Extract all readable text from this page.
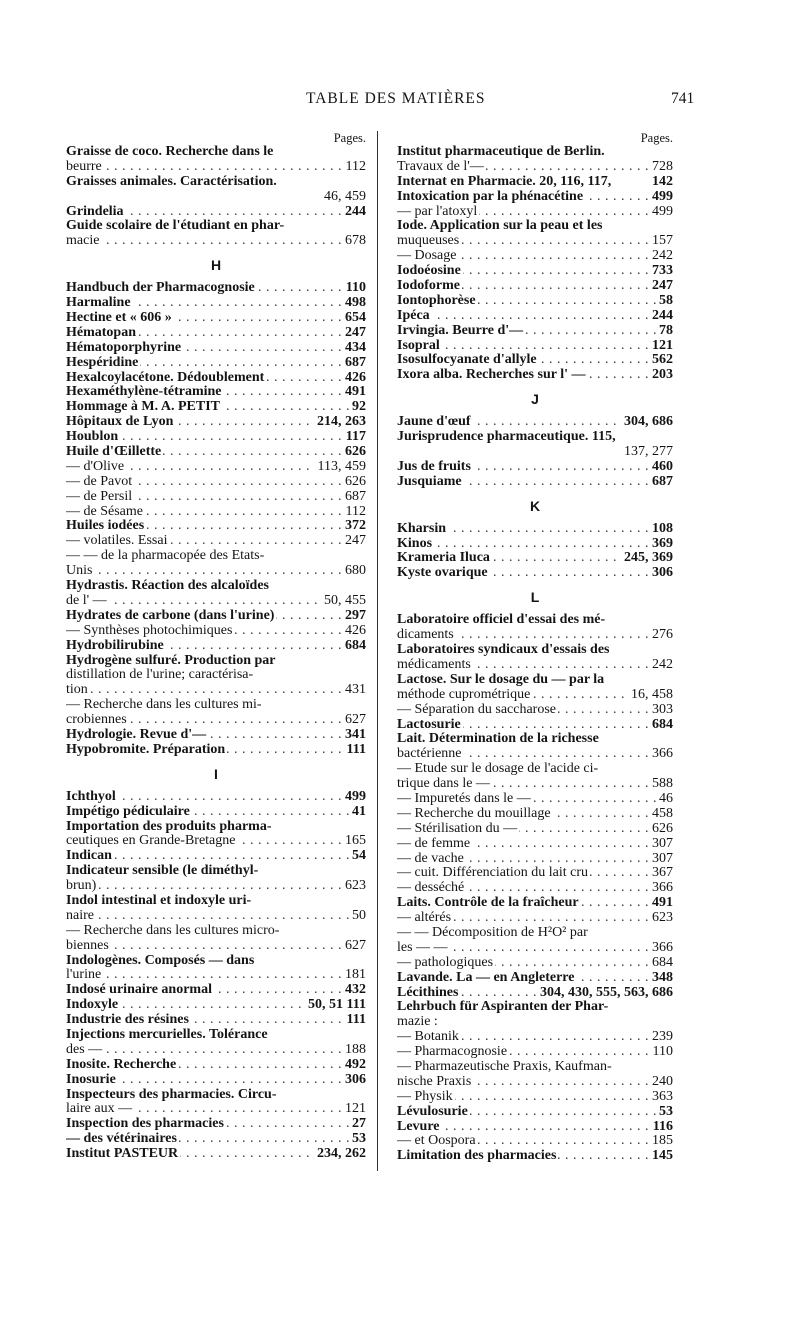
TABLE DES MATIÈRES	741
Pages.
Graisse de coco. Recherche dans le
beurre	112
. . .
Graisses animales. Caractérisation.
46, 459
Grindelia	244
. . .
Guide scolaire de l'étudiant en phar-
macie	678
. . .
H
Handbuch der Pharmacognosie	110
. . .
Harmaline	498
. . .
Hectine et « 606 »	654
. . .
Hématopan	247
. . .
Hématoporphyrine	434
. . .
Hespéridine	687
. . .
Hexalcoylacétone. Dédoublement	426
. . .
Hexaméthylène-tétramine	491
. . .
Hommage à M. A. PETIT	92
. . .
Hôpitaux de Lyon	214, 263
. . .
Houblon	117
. . .
Huile d'Œillette	626
. . .
— d'Olive	113, 459
. . .
— de Pavot	626
. . .
— de Persil	687
. . .
— de Sésame	112
. . .
Huiles iodées	372
. . .
— volatiles. Essai	247
. . .
— — de la pharmacopée des Etats-
Unis	680
. . .
Hydrastis. Réaction des alcaloïdes
de l' —	50, 455
. . .
Hydrates de carbone (dans l'urine)	297
. . .
— Synthèses photochimiques	426
. . .
Hydrobilirubine	684
. . .
Hydrogène sulfuré. Production par
distillation de l'urine; caractérisa-
tion	431
. . .
— Recherche dans les cultures mi-
crobiennes	627
. . .
Hydrologie. Revue d'—	341
. . .
Hypobromite. Préparation	111
. . .
I
Ichthyol	499
. . .
Impétigo pédiculaire	41
. . .
Importation des produits pharma-
ceutiques en Grande-Bretagne	165
. . .
Indican	54
. . .
Indicateur sensible (le diméthyl-
brun)	623
. . .
Indol intestinal et indoxyle uri-
naire	50
. . .
— Recherche dans les cultures micro-
biennes	627
. . .
Indologènes. Composés — dans
l'urine	181
. . .
Indosé urinaire anormal	432
. . .
Indoxyle	50, 51 111
. . .
Industrie des résines	111
. . .
Injections mercurielles. Tolérance
des —	188
. . .
Inosite. Recherche	492
. . .
Inosurie	306
. . .
Inspecteurs des pharmacies. Circu-
laire aux —	121
. . .
Inspection des pharmacies	27
. . .
— des vétérinaires	53
. . .
Institut PASTEUR	234, 262
. . .
Pages.
Institut pharmaceutique de Berlin.
Travaux de l'—	728
. . .
Internat en Pharmacie. 20, 116, 117,	142
Intoxication par la phénacétine	499
. . .
— par l'atoxyl	499
. . .
Iode. Application sur la peau et les
muqueuses	157
. . .
— Dosage	242
. . .
Iodoéosine	733
. . .
Iodoforme	247
. . .
Iontophorèse	58
. . .
Ipéca	244
. . .
Irvingia. Beurre d'—	78
. . .
Isopral	121
. . .
Isosulfocyanate d'allyle	562
. . .
Ixora alba. Recherches sur l' —	203
. . .
J
Jaune d'œuf	304, 686
. . .
Jurisprudence pharmaceutique. 115,
137, 277
Jus de fruits	460
. . .
Jusquiame	687
. . .
K
Kharsin	108
. . .
Kinos	369
. . .
Krameria Iluca	245, 369
. . .
Kyste ovarique	306
. . .
L
Laboratoire officiel d'essai des mé-
dicaments	276
. . .
Laboratoires syndicaux d'essais des
médicaments	242
. . .
Lactose. Sur le dosage du — par la
méthode cuprométrique	16, 458
. . .
— Séparation du saccharose	303
. . .
Lactosurie	684
. . .
Lait. Détermination de la richesse
bactérienne	366
. . .
— Etude sur le dosage de l'acide ci-
trique dans le —	588
. . .
— Impuretés dans le —	46
. . .
— Recherche du mouillage	458
. . .
— Stérilisation du —	626
. . .
— de femme	307
. . .
— de vache	307
. . .
— cuit. Différenciation du lait cru	367
. . .
— desséché	366
. . .
Laits. Contrôle de la fraîcheur	491
. . .
— altérés	623
. . .
— — Décomposition de H²O² par
les — —	366
. . .
— pathologiques	684
. . .
Lavande. La — en Angleterre	348
. . .
Lécithines	304, 430, 555, 563, 686
. . .
Lehrbuch für Aspiranten der Phar-
mazie :
— Botanik	239
. . .
— Pharmacognosie	110
. . .
— Pharmazeutische Praxis, Kaufman-
nische Praxis	240
. . .
— Physik	363
. . .
Lévulosurie	53
. . .
Levure	116
. . .
— et Oospora	185
. . .
Limitation des pharmacies	145
. . .
